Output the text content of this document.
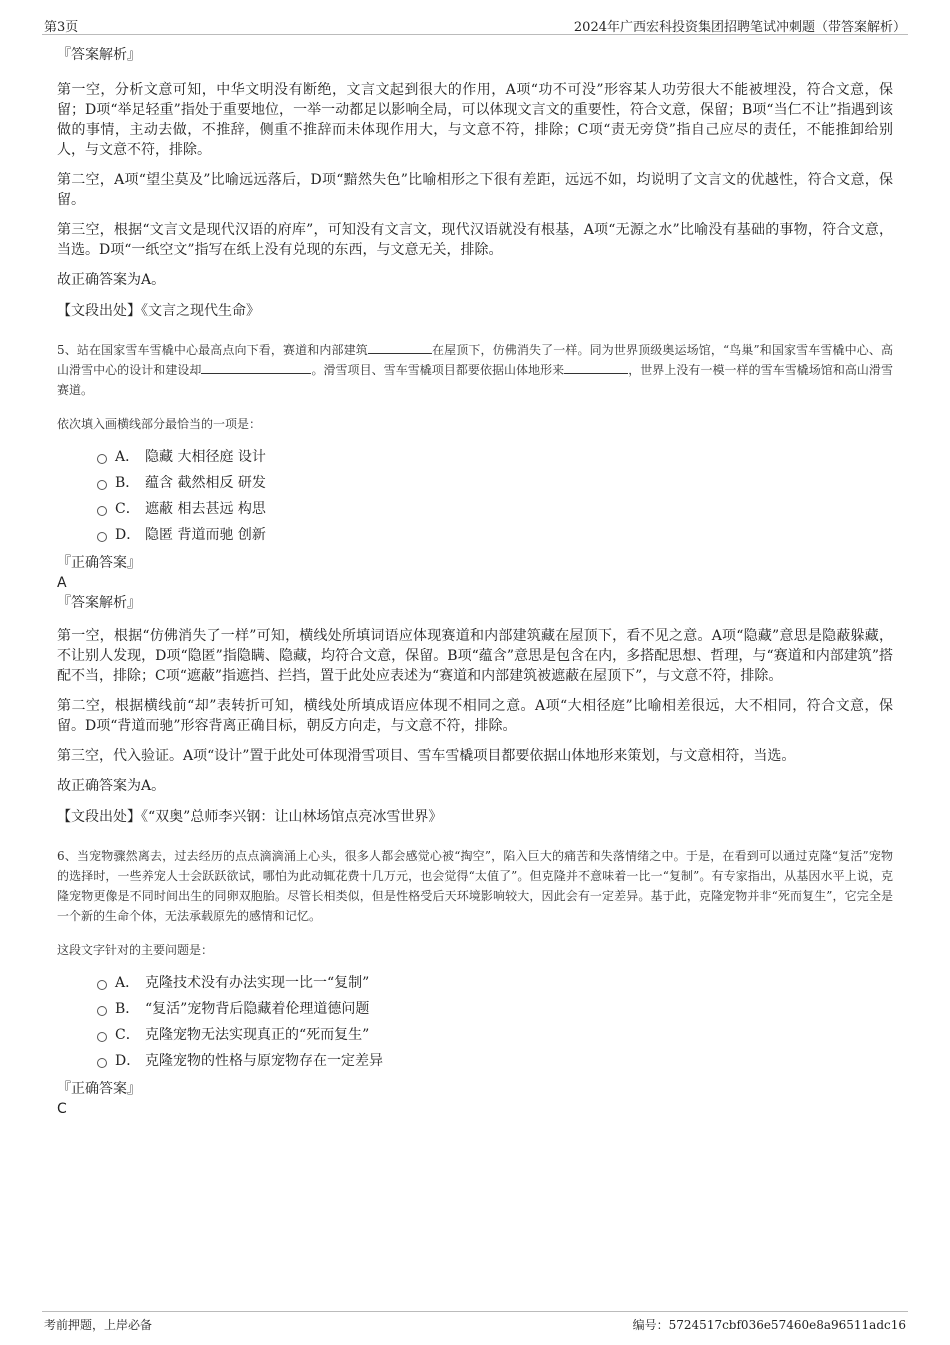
第3页	2024年广西宏科投资集团招聘笔试冲刺题（带答案解析）
『答案解析』

第一空，分析文意可知，中华文明没有断绝，文言文起到很大的作用，A项“功不可没”形容某人功劳很大不能被埋没，符合文意，保留；D项“举足轻重”指处于重要地位，一举一动都足以影响全局，可以体现文言文的重要性，符合文意，保留；B项“当仁不让”指遇到该做的事情，主动去做，不推辞，侧重不推辞而未体现作用大，与文意不符，排除；C项“责无旁贷”指自己应尽的责任，不能推卸给别人，与文意不符，排除。

第二空，A项“望尘莫及”比喻远远落后，D项“黯然失色”比喻相形之下很有差距，远远不如，均说明了文言文的优越性，符合文意，保留。

第三空，根据“文言文是现代汉语的府库”，可知没有文言文，现代汉语就没有根基，A项“无源之水”比喻没有基础的事物，符合文意，当选。D项“一纸空文”指写在纸上没有兑现的东西，与文意无关，排除。

故正确答案为A。

【文段出处】《文言之现代生命》
5、站在国家雪车雪橇中心最高点向下看，赛道和内部建筑	在屋顶下，仿佛消失了一样。同为世界顶级奥运场馆，“鸟巢”和国家雪车雪橇中心、高山滑雪中心的设计和建设却	。滑雪项目、雪车雪橇项目都要依据山体地形来	，世界上没有一模一样的雪车雪橇场馆和高山滑雪赛道。
依次填入画横线部分最恰当的一项是：
A． 隐藏 大相径庭 设计
B． 蕴含 截然相反 研发
C． 遮蔽 相去甚远 构思
D． 隐匿 背道而驰 创新
『正确答案』
A
『答案解析』

第一空，根据“仿佛消失了一样”可知，横线处所填词语应体现赛道和内部建筑藏在屋顶下，看不见之意。A项“隐藏”意思是隐蔽躲藏，不让别人发现，D项“隐匿”指隐瞒、隐藏，均符合文意，保留。B项“蕴含”意思是包含在内，多搭配思想、哲理，与“赛道和内部建筑”搭配不当，排除；C项“遮蔽”指遮挡、拦挡，置于此处应表述为“赛道和内部建筑被遮蔽在屋顶下”，与文意不符，排除。

第二空，根据横线前“却”表转折可知，横线处所填成语应体现不相同之意。A项“大相径庭”比喻相差很远，大不相同，符合文意，保留。D项“背道而驰”形容背离正确目标，朝反方向走，与文意不符，排除。

第三空，代入验证。A项“设计”置于此处可体现滑雪项目、雪车雪橇项目都要依据山体地形来策划，与文意相符，当选。

故正确答案为A。

【文段出处】《“双奥”总师李兴钢：让山林场馆点亮冰雪世界》
6、当宠物骤然离去，过去经历的点点滴滴涌上心头，很多人都会感觉心被“掏空”，陷入巨大的痛苦和失落情绪之中。于是，在看到可以通过克隆“复活”宠物的选择时，一些养宠人士会跃跃欲试，哪怕为此动辄花费十几万元，也会觉得“太值了”。但克隆并不意味着一比一“复制”。有专家指出，从基因水平上说，克隆宠物更像是不同时间出生的同卵双胞胎。尽管长相类似，但是性格受后天环境影响较大，因此会有一定差异。基于此，克隆宠物并非“死而复生”，它完全是一个新的生命个体，无法承载原先的感情和记忆。
这段文字针对的主要问题是：
A． 克隆技术没有办法实现一比一“复制”
B． “复活”宠物背后隐藏着伦理道德问题
C． 克隆宠物无法实现真正的“死而复生”
D． 克隆宠物的性格与原宠物存在一定差异
『正确答案』
C
考前押题，上岸必备	编号：5724517cbf036e57460e8a96511adc16
